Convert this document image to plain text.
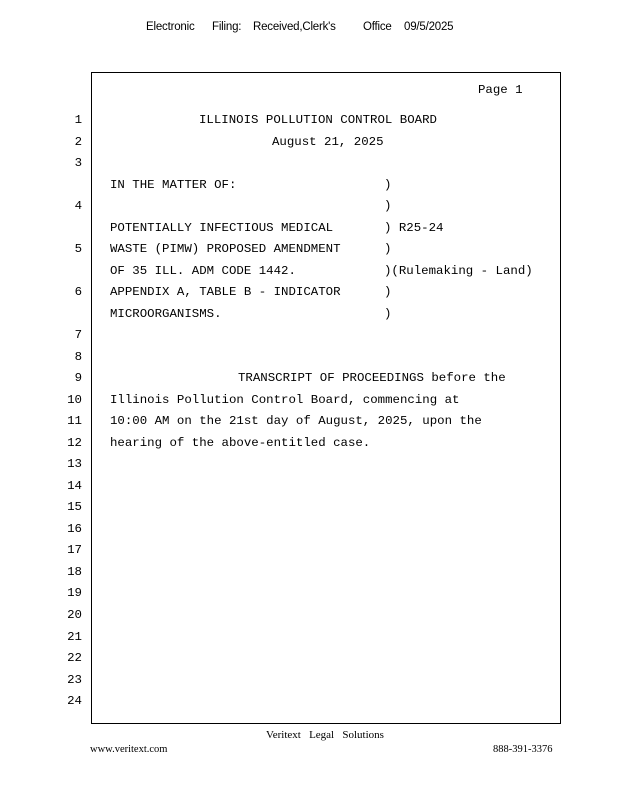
Electronic Filing: Received,Clerk's Office 09/5/2025
Page 1
1
2
3
4
5
6
7
8
9
10
11
12
13
14
15
16
17
18
19
20
21
22
23
24
ILLINOIS POLLUTION CONTROL BOARD
August 21, 2025
IN THE MATTER OF:	)
)
POTENTIALLY INFECTIOUS MEDICAL	) R25-24
WASTE (PIMW) PROPOSED AMENDMENT	)
OF 35 ILL. ADM CODE 1442.	)(Rulemaking - Land)
APPENDIX A, TABLE B - INDICATOR	)
MICROORGANISMS.	)
TRANSCRIPT OF PROCEEDINGS before the
Illinois Pollution Control Board, commencing at
10:00 AM on the 21st day of August, 2025, upon the
hearing of the above-entitled case.
Veritext   Legal   Solutions
www.veritext.com	888-391-3376
